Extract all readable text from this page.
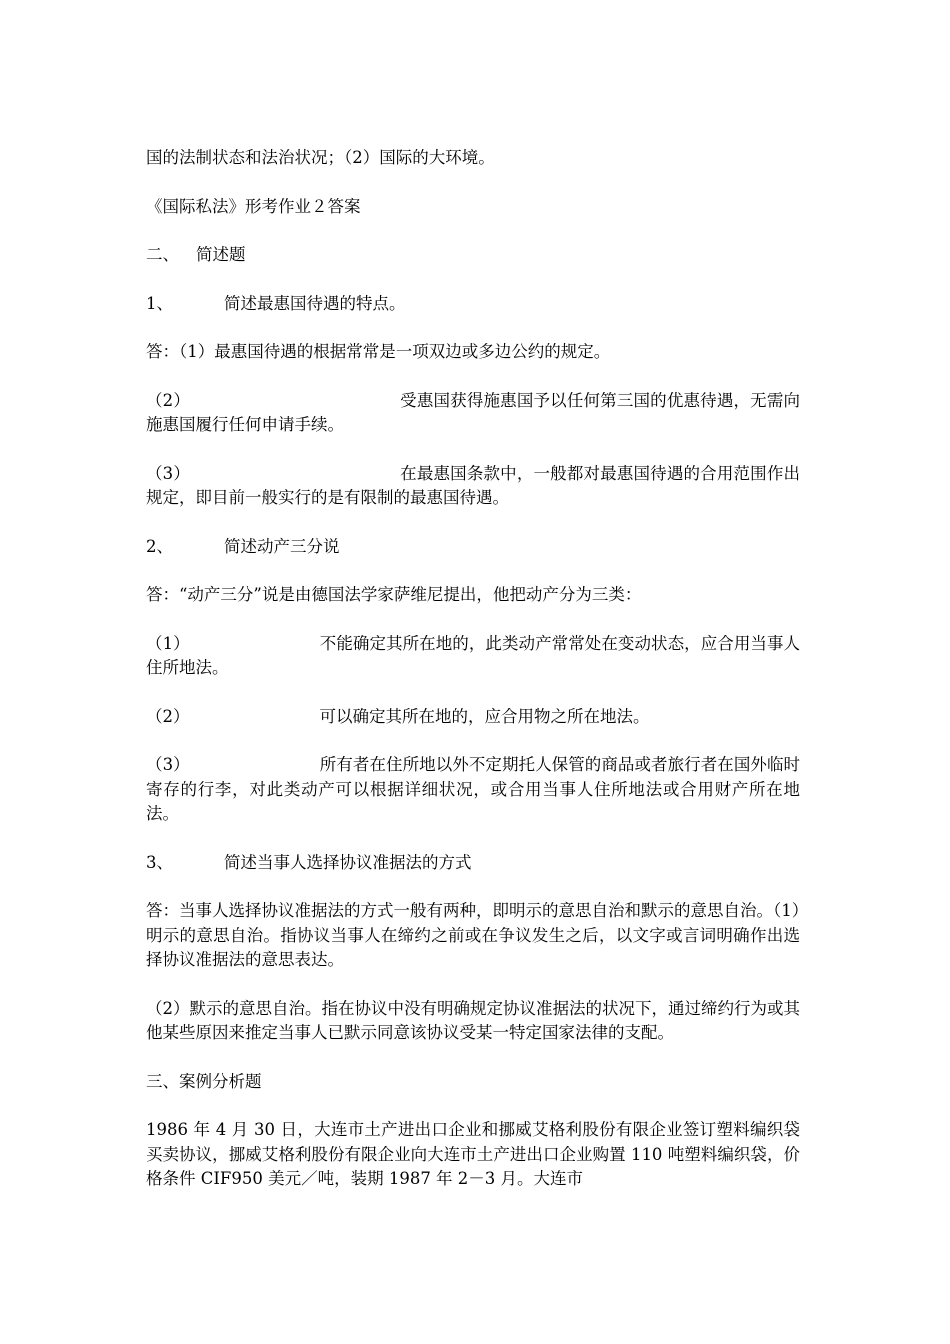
国的法制状态和法治状况；（2）国际的大环境。

《国际私法》形考作业２答案

二、	简述题
1、	简述最惠国待遇的特点。

答：（1）最惠国待遇的根据常常是一项双边或多边公约的规定。

（2）	受惠国获得施惠国予以任何第三国的优惠待遇，无需向施惠国履行任何申请手续。

（3）	在最惠国条款中，一般都对最惠国待遇的合用范围作出规定，即目前一般实行的是有限制的最惠国待遇。

2、	简述动产三分说

答：“动产三分”说是由德国法学家萨维尼提出，他把动产分为三类：

（1）	不能确定其所在地的，此类动产常常处在变动状态，应合用当事人住所地法。

（2）	可以确定其所在地的，应合用物之所在地法。

（3）	所有者在住所地以外不定期托人保管的商品或者旅行者在国外临时寄存的行李，对此类动产可以根据详细状况，或合用当事人住所地法或合用财产所在地法。

3、	简述当事人选择协议准据法的方式

答：当事人选择协议准据法的方式一般有两种，即明示的意思自治和默示的意思自治。（1）明示的意思自治。指协议当事人在缔约之前或在争议发生之后，以文字或言词明确作出选择协议准据法的意思表达。

（2）默示的意思自治。指在协议中没有明确规定协议准据法的状况下，通过缔约行为或其他某些原因来推定当事人已默示同意该协议受某一特定国家法律的支配。

三、案例分析题

1986 年 4 月 30 日，大连市土产进出口企业和挪威艾格利股份有限企业签订塑料编织袋买卖协议，挪威艾格利股份有限企业向大连市土产进出口企业购置 110 吨塑料编织袋，价格条件 CIF950 美元／吨，装期 1987 年 2－3 月。大连市
